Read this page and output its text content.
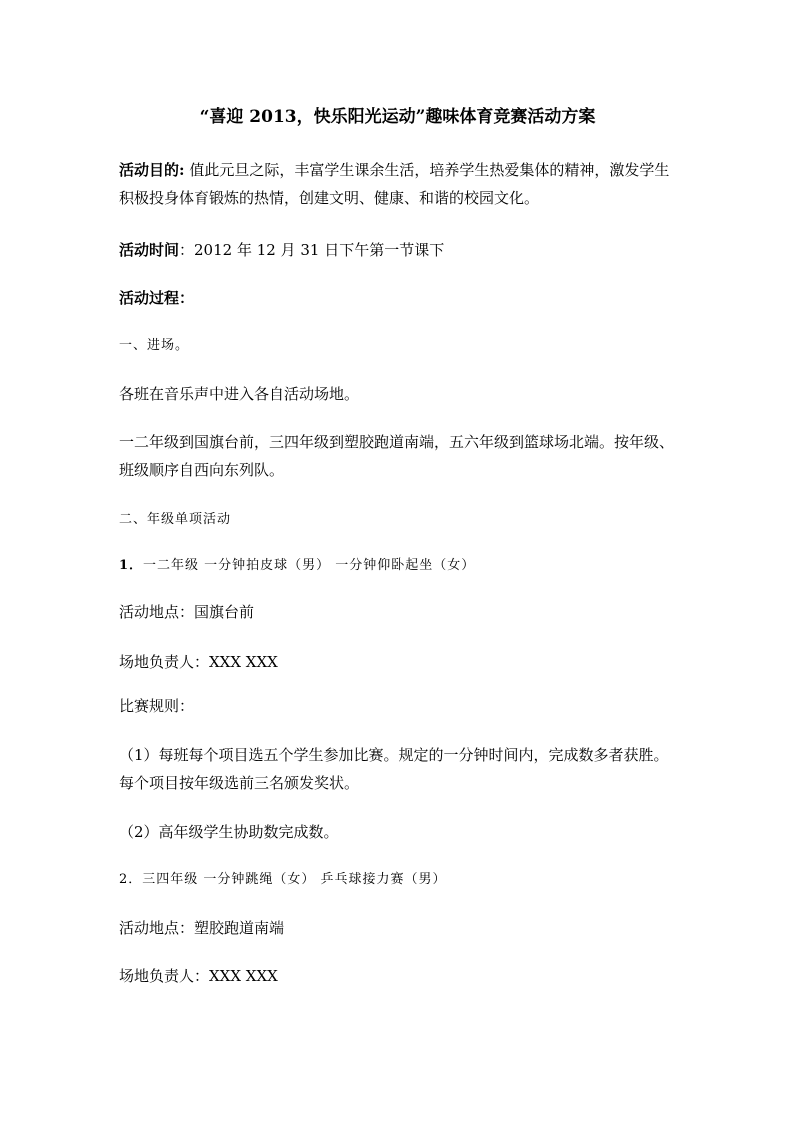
“喜迎 2013，快乐阳光运动”趣味体育竞赛活动方案

活动目的: 值此元旦之际，丰富学生课余生活，培养学生热爱集体的精神，激发学生积极投身体育锻炼的热情，创建文明、健康、和谐的校园文化。

活动时间：2012 年 12 月 31 日下午第一节课下

活动过程：

一、进场。

各班在音乐声中进入各自活动场地。

一二年级到国旗台前，三四年级到塑胶跑道南端，五六年级到篮球场北端。按年级、班级顺序自西向东列队。

二、年级单项活动

1．一二年级 一分钟拍皮球（男） 一分钟仰卧起坐（女）

活动地点：国旗台前

场地负责人：XXX XXX

比赛规则：

（1）每班每个项目选五个学生参加比赛。规定的一分钟时间内，完成数多者获胜。每个项目按年级选前三名颁发奖状。

（2）高年级学生协助数完成数。

2．三四年级 一分钟跳绳（女） 乒乓球接力赛（男）

活动地点：塑胶跑道南端

场地负责人：XXX XXX
